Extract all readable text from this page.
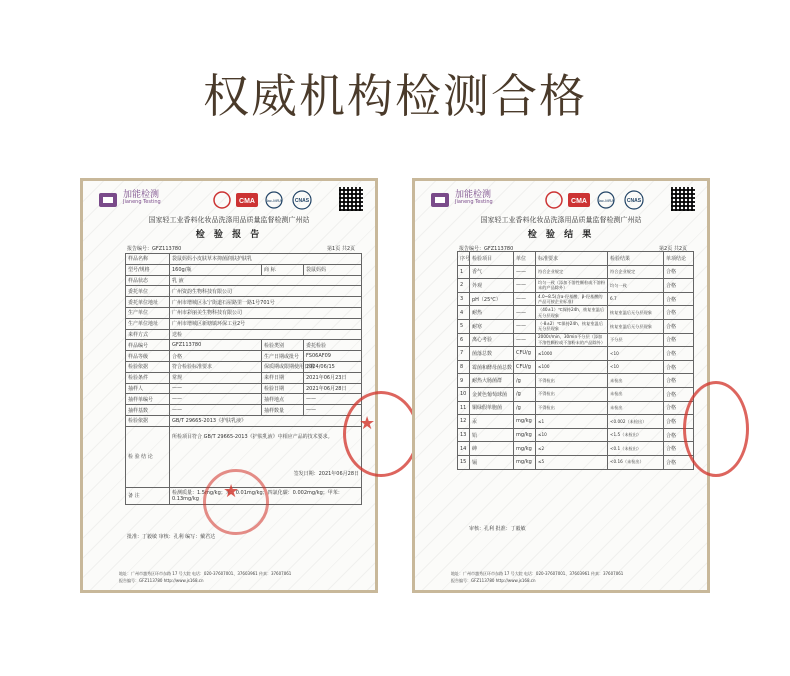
权威机构检测合格
加能检测
Jianeng Testing	CMA	ilac-MRA	CNAS
国家轻工业香料化妆品洗涤用品质量监督检测广州站
检 验 报 告
报告编号：GFZ113780	第1页 共2页
样品名称	袋鼠妈妈小皮肤草本抑菌润肤护肤乳		
型号/规格	160g/瓶	商 标	袋鼠妈妈
样品状态	乳 液		
委托单位	广州资韵生物科技有限公司		
委托单位地址	广州市增城区永宁街道石屋路里一路1号701号		
生产单位	广州市彩丽美生物科技有限公司		
生产单位地址	广州市增城区新塘镇环保工业2号		
来样方式	送检		
样品编号	GFZ113780	检验类别	委托检验
样品等级	合格	生产日期或批号	FS06AF09
检验依据	符合检验标准要求	保质期或限期使用日期	2024/06/15
检验条件	常规	来样日期	2021年06月23日
抽样人	——	检验日期	2021年06月28日
抽样单编号	——	抽样地点	——
抽样基数	——	抽样数量	——
检验依据	GB/T 29665-2013《护肤乳液》		
检 验 结 论	所检项目符合 GB/T 29665-2013《护肤乳液》中相应产品的技术要求。
签发日期：2021年06月28日		

备 注	检测质量：1.5mg/kg；苯：0.01mg/kg；四氯化碳：0.002mg/kg；甲苯：0.13mg/kg		★
★
批准：丁毅敏 审核：孔利 编写：戴君达
地址：广州市越秀区环市东路 17 号大院 电话：020-37607001、37603961 传真：37607061
报告编号：GFZ113780 http://www.js168.cn
加能检测
Jianeng Testing	CMA	ilac-MRA	CNAS
国家轻工业香料化妆品洗涤用品质量监督检测广州站
检 验 结 果
报告编号：GFZ113780	第2页 共2页
序号	检验项目	单位	标准要求	检验结果	单项结论
1	香气	——	符合企业规定	符合企业规定	合格
2	外观	——	均匀一致（添加不溶性颗粒或不溶粉末的产品除外）	均匀一致	合格
3	pH（25℃）	——	4.0~8.5(含α-羟基酸、β-羟基酸的产品可按企业标准)	6.7	合格
4	耐热	——	（40±1）℃保持24h，恢复室温后无分层现象	恢复室温后无分层现象	合格
5	耐寒	——	（-8±2）℃保持24h，恢复室温后无分层现象	恢复室温后无分层现象	合格
6	离心考验	——	2000r/min，30min不分层（添加不溶性颗粒或不溶粉末的产品除外）	不分层	合格
7	菌落总数	CFU/g	≤1000	<10	合格
8	霉菌和酵母菌总数	CFU/g	≤100	<10	合格
9	耐热大肠菌群	/g	不得检出	未检出	合格
10	金黄色葡萄球菌	/g	不得检出	未检出	合格
11	铜绿假单胞菌	/g	不得检出	未检出	合格
12	汞	mg/kg	≤1	<0.002（未检出）	合格
13	铅	mg/kg	≤10	<1.5（未检出）	合格
14	砷	mg/kg	≤2	<0.1（未检出）	合格
15	镉	mg/kg	≤5	<0.16（未检出）	合格
审核：孔利 批准：丁毅敏
地址：广州市越秀区环市东路 17 号大院 电话：020-37607001、37603961 传真：37607061
报告编号：GFZ113780 http://www.js168.cn
